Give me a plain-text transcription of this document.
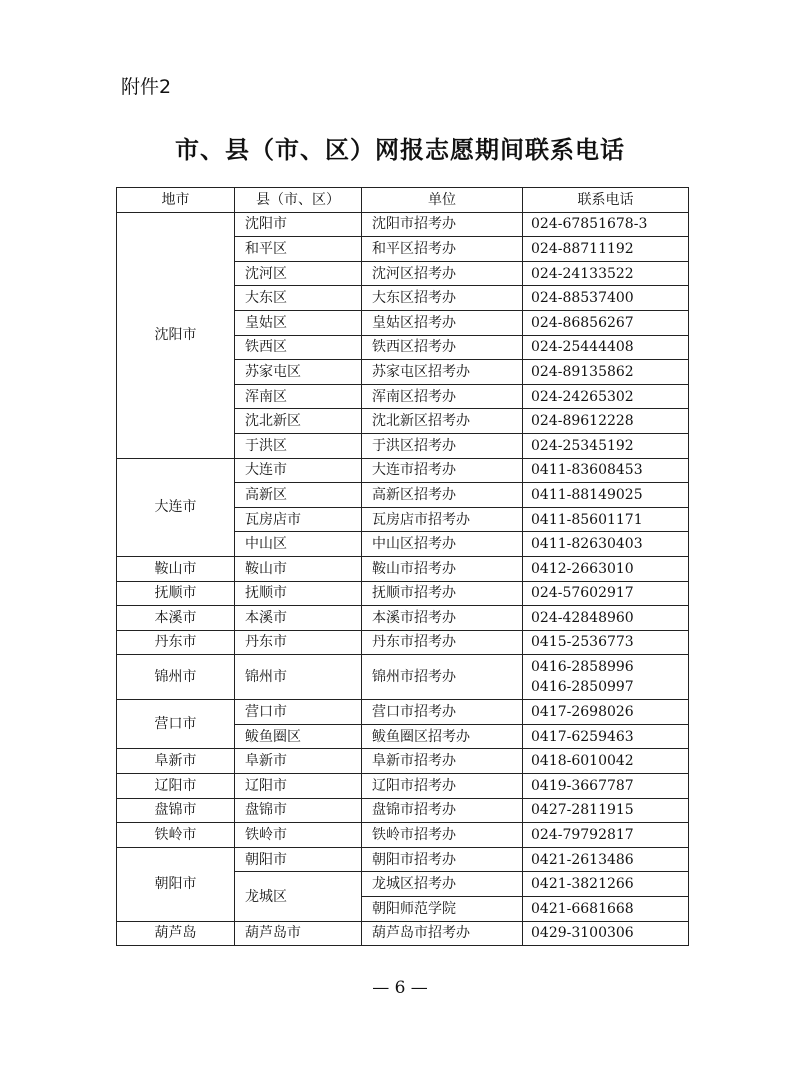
附件2
市、县（市、区）网报志愿期间联系电话
地市	县（市、区）	单位	联系电话
沈阳市	沈阳市	沈阳市招考办	024-67851678-3

	和平区	和平区招考办	024-88711192

	沈河区	沈河区招考办	024-24133522

	大东区	大东区招考办	024-88537400

	皇姑区	皇姑区招考办	024-86856267

	铁西区	铁西区招考办	024-25444408

	苏家屯区	苏家屯区招考办	024-89135862

	浑南区	浑南区招考办	024-24265302

	沈北新区	沈北新区招考办	024-89612228

	于洪区	于洪区招考办	024-25345192

大连市	大连市	大连市招考办	0411-83608453

	高新区	高新区招考办	0411-88149025

	瓦房店市	瓦房店市招考办	0411-85601171

	中山区	中山区招考办	0411-82630403

鞍山市	鞍山市	鞍山市招考办	0412-2663010

抚顺市	抚顺市	抚顺市招考办	024-57602917

本溪市	本溪市	本溪市招考办	024-42848960

丹东市	丹东市	丹东市招考办	0415-2536773

锦州市	锦州市	锦州市招考办	0416-2858996
0416-2850997

营口市	营口市	营口市招考办	0417-2698026

	鲅鱼圈区	鲅鱼圈区招考办	0417-6259463

阜新市	阜新市	阜新市招考办	0418-6010042

辽阳市	辽阳市	辽阳市招考办	0419-3667787

盘锦市	盘锦市	盘锦市招考办	0427-2811915

铁岭市	铁岭市	铁岭市招考办	024-79792817

朝阳市	朝阳市	朝阳市招考办	0421-2613486

	龙城区	龙城区招考办	0421-3821266

		朝阳师范学院	0421-6681668

葫芦岛	葫芦岛市	葫芦岛市招考办	0429-3100306
— 6 —
